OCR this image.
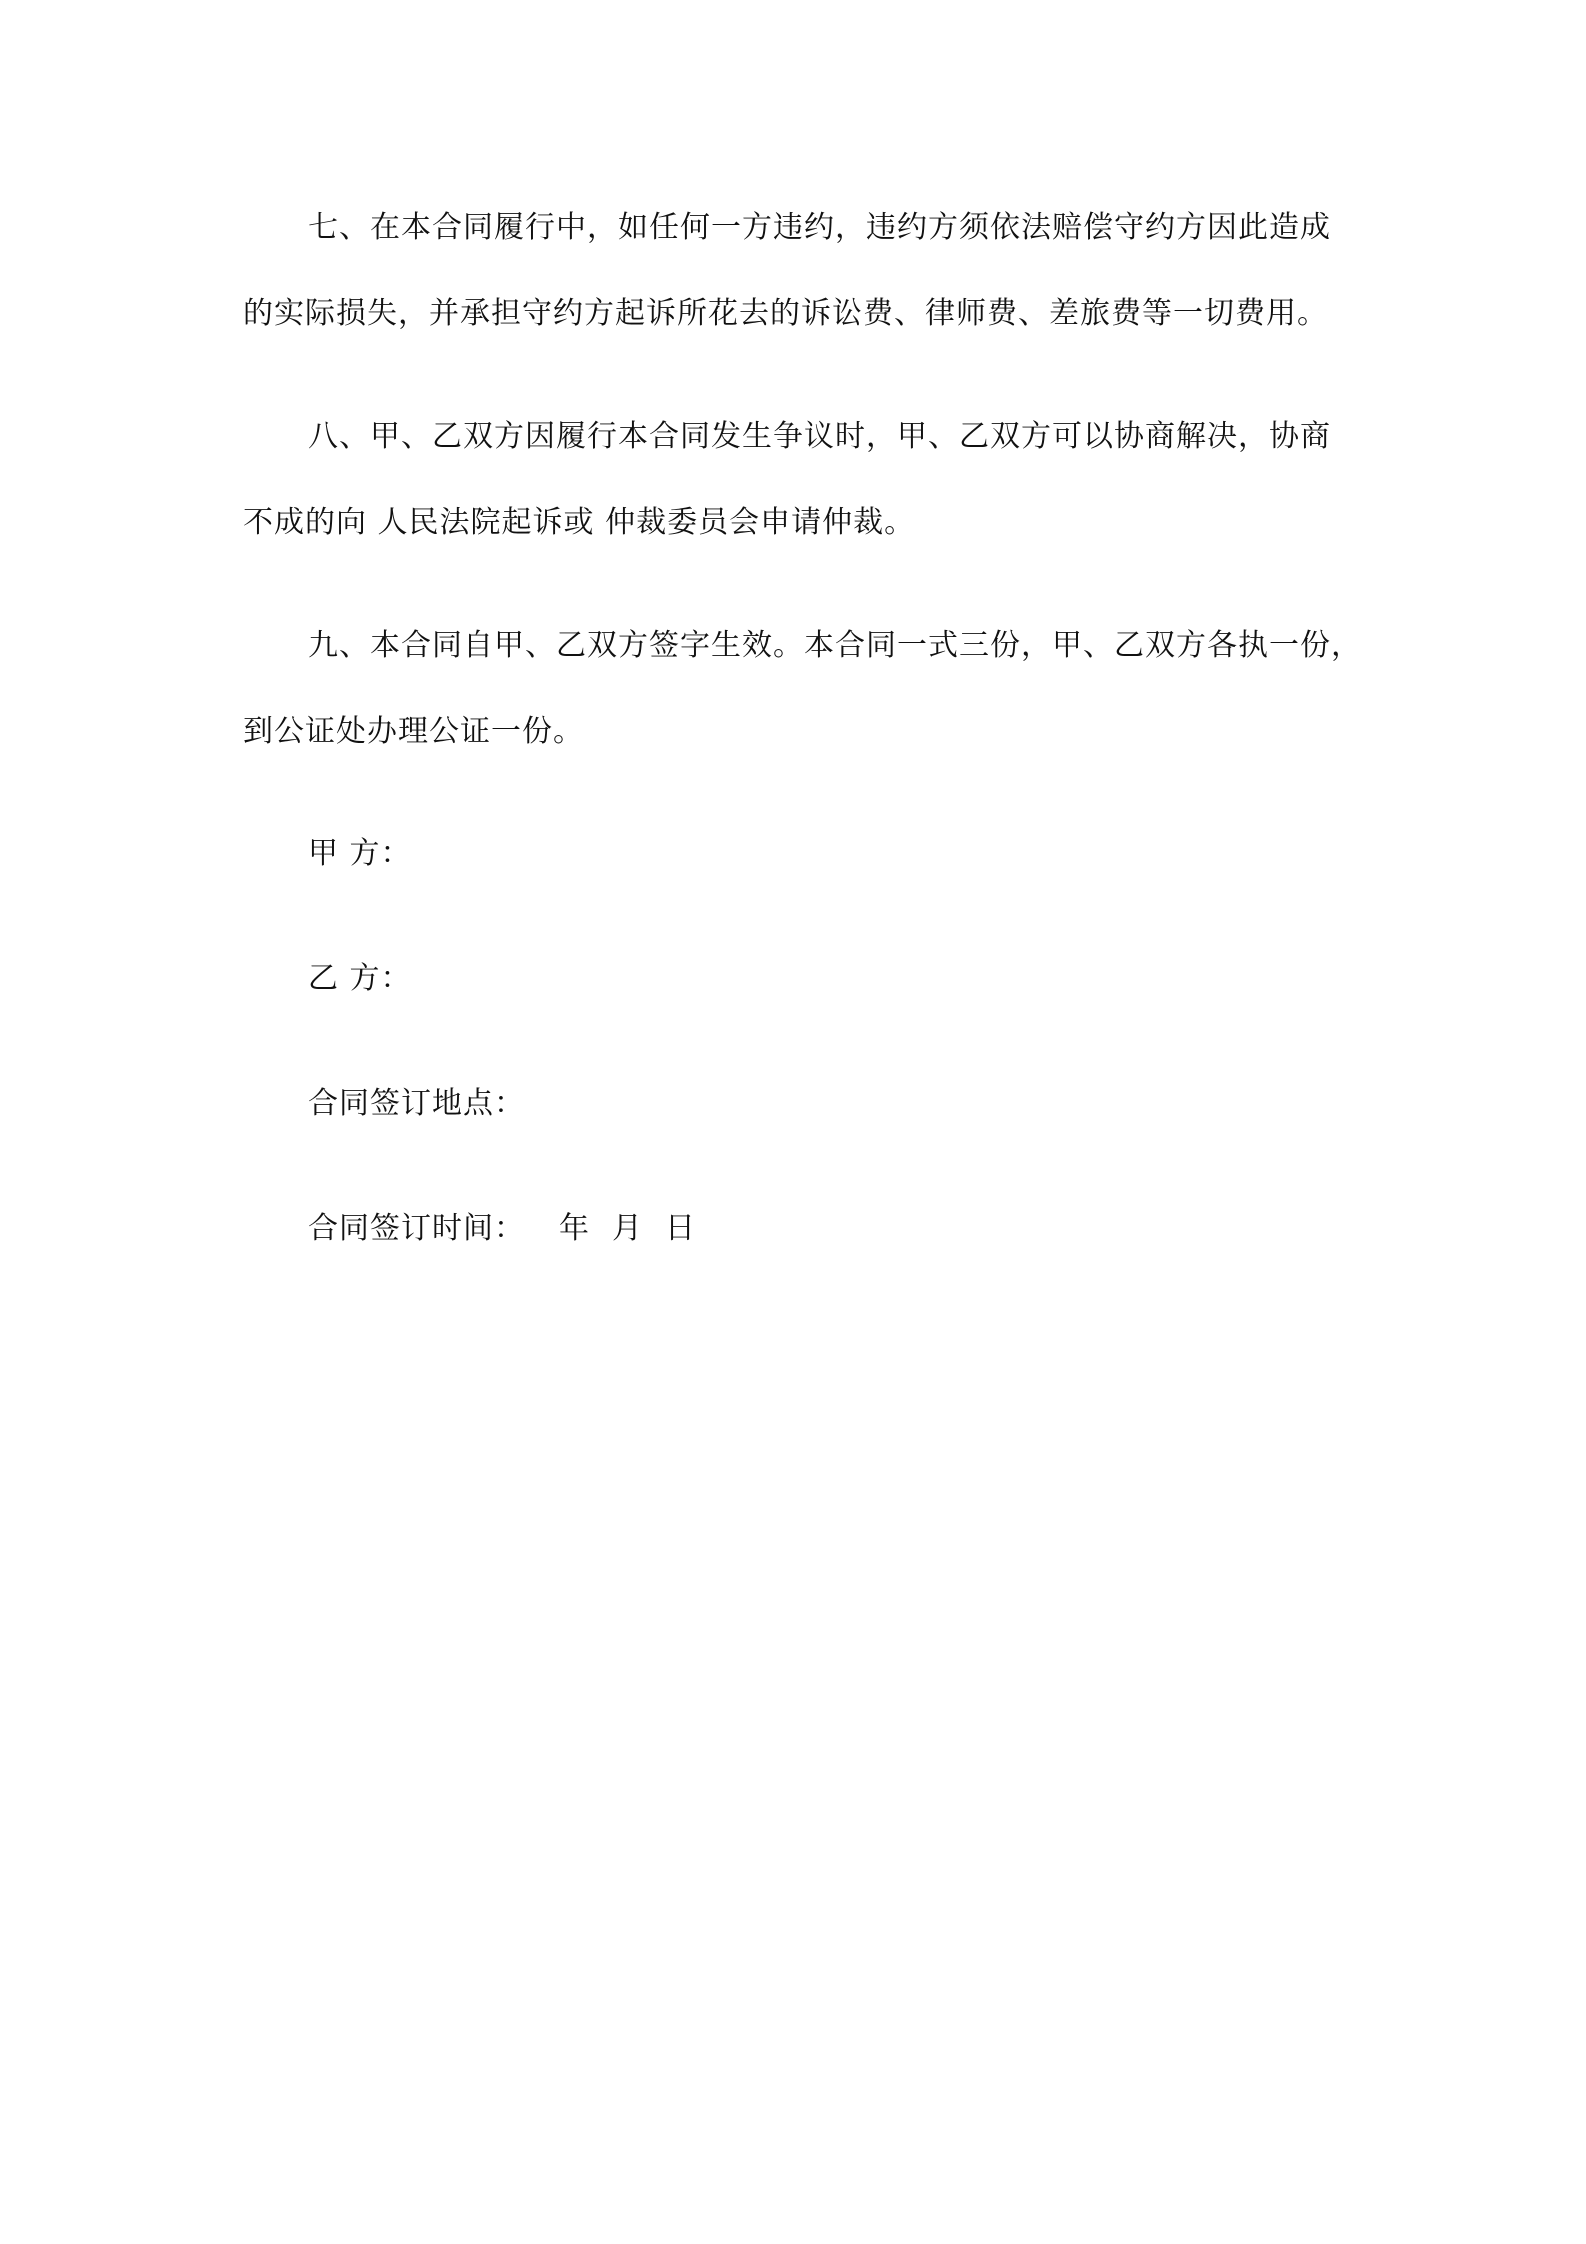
七、在本合同履行中，如任何一方违约，违约方须依法赔偿守约方因此造成
的实际损失，并承担守约方起诉所花去的诉讼费、律师费、差旅费等一切费用。
八、甲、乙双方因履行本合同发生争议时，甲、乙双方可以协商解决，协商
不成的向 人民法院起诉或 仲裁委员会申请仲裁。
九、本合同自甲、乙双方签字生效。本合同一式三份，甲、乙双方各执一份，
到公证处办理公证一份。
甲 方：
乙 方：
合同签订地点：
合同签订时间： 年 月 日
